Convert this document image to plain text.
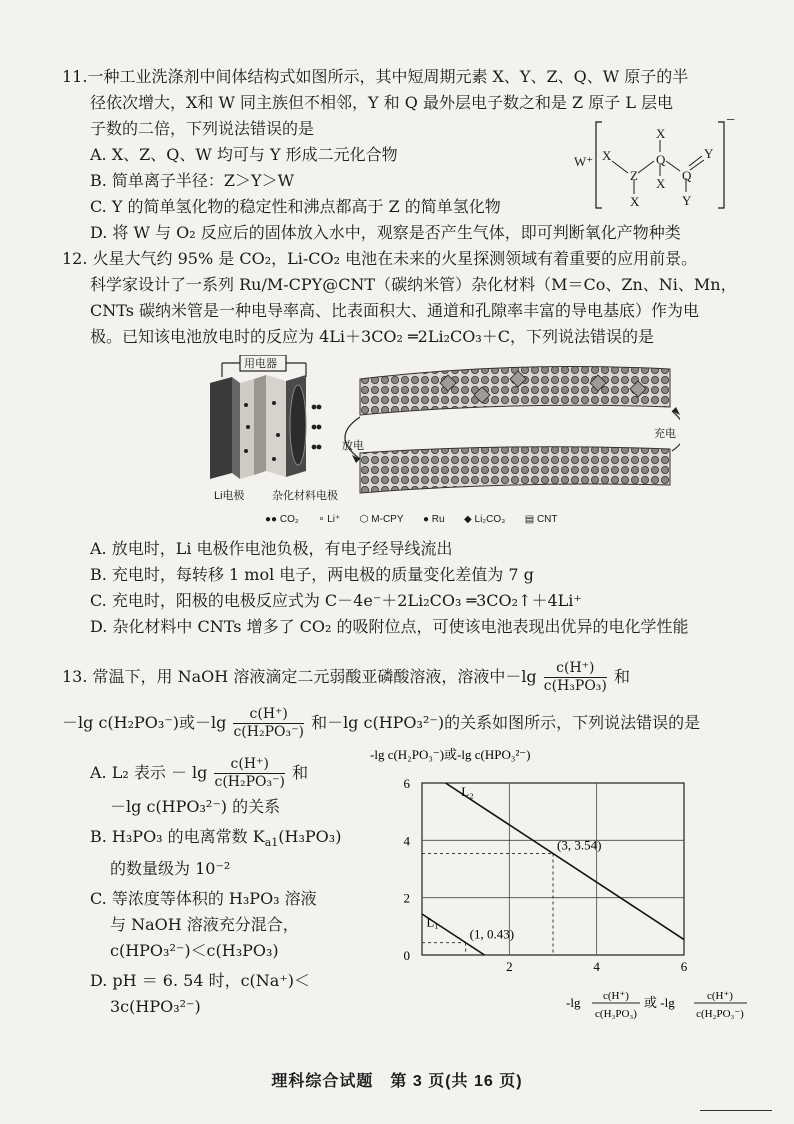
11.一种工业洗涤剂中间体结构式如图所示，其中短周期元素 X、Y、Z、Q、W 原子的半
径依次增大，X和 W 同主族但不相邻，Y 和 Q 最外层电子数之和是 Z 原子 L 层电
子数的二倍，下列说法错误的是
A. X、Z、Q、W 均可与 Y 形成二元化合物
B. 简单离子半径：Z＞Y＞W
C. Y 的简单氢化物的稳定性和沸点都高于 Z 的简单氢化物
D. 将 W 与 O₂ 反应后的固体放入水中，观察是否产生气体，即可判断氧化产物种类
W⁺ X
Z
X
X
Q
X
Q
Y
Y
−
12. 火星大气约 95% 是 CO₂，Li-CO₂ 电池在未来的火星探测领域有着重要的应用前景。
科学家设计了一系列 Ru/M-CPY@CNT（碳纳米管）杂化材料（M＝Co、Zn、Ni、Mn，
CNTs 碳纳米管是一种电导率高、比表面积大、通道和孔隙率丰富的导电基底）作为电
极。已知该电池放电时的反应为 4Li＋3CO₂ ═2Li₂CO₃＋C，下列说法错误的是
用电器
Li电极 杂化材料电极
放电
充电
●● CO₂ ∘ Li⁺ ⬡ M-CPY ● Ru ◆ Li₂CO₃ ▤ CNT
A. 放电时，Li 电极作电池负极，有电子经导线流出
B. 充电时，每转移 1 mol 电子，两电极的质量变化差值为 7 g
C. 充电时，阳极的电极反应式为 C－4e⁻＋2Li₂CO₃ ═3CO₂↑＋4Li⁺
D. 杂化材料中 CNTs 增多了 CO₂ 的吸附位点，可使该电池表现出优异的电化学性能
13. 常温下，用 NaOH 溶液滴定二元弱酸亚磷酸溶液，溶液中$-\lg \frac{c(H^+)}{\text{c(H₃PO₃)}}$ 和
－lg c(H₂PO₃⁻)或$-\lg \frac{c(H^+)}{\text{c(H₂PO₃⁻)}}$ 和－lg c(HPO₃²⁻)的关系如图所示，下列说法错误的是
A. L₂ 表示 － $\lg \frac{c(H^+)}{\text{c(H₂PO₃⁻)}}$ 和
－lg c(HPO₃²⁻) 的关系
B. H₃PO₃ 的电离常数 $K_{a1}(H_3PO_3)$
的数量级为 10⁻²
C. 等浓度等体积的 H₃PO₃ 溶液
与 NaOH 溶液充分混合，
c(HPO₃²⁻)＜c(H₃PO₃)
D. pH ＝ 6. 54 时，c(Na⁺)＜
3c(HPO₃²⁻)
-lg c(H₂PO₃⁻)或-lg c(HPO₃²⁻)
0
2
4
6
2	4	6
L₂
L₁
(3, 3.54)
(1, 0.43)
-lg c(H⁺)
c(H₃PO₃)
或 -lg	c(H⁺)
c(H₂PO₃⁻)
理科综合试题　第 3 页(共 16 页)
